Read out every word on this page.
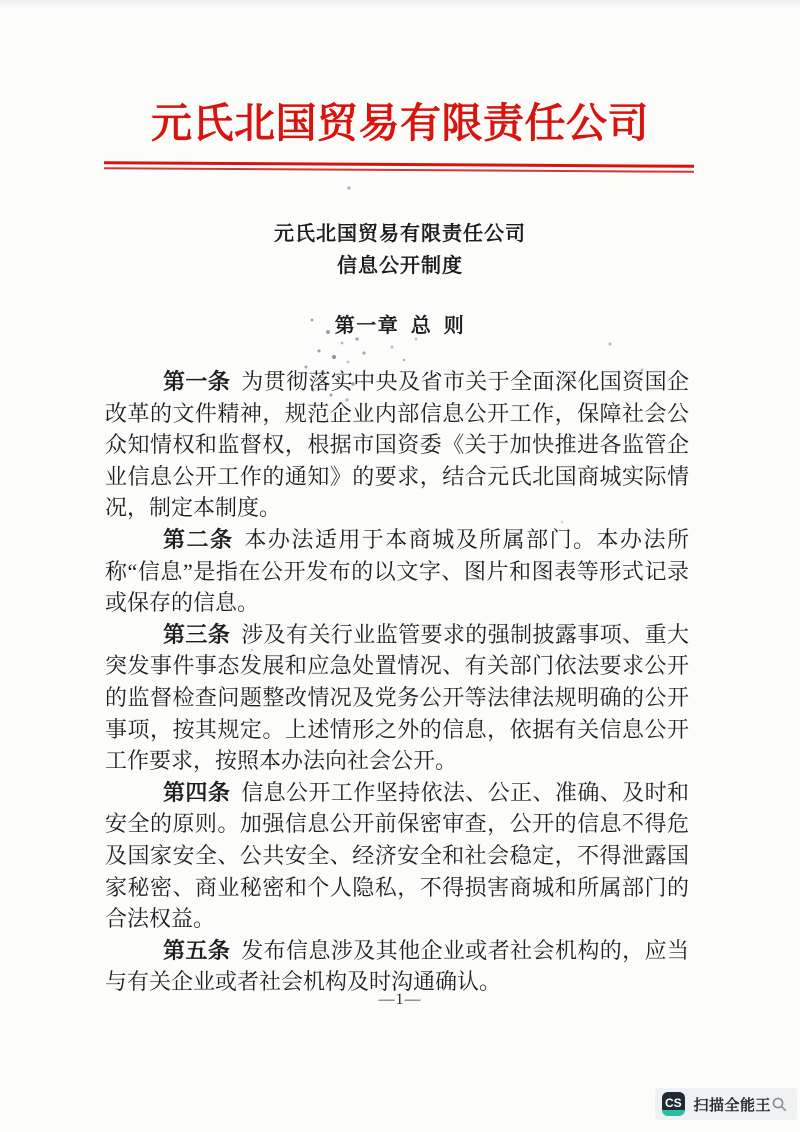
元氏北国贸易有限责任公司
元氏北国贸易有限责任公司
信息公开制度
第一章 总 则

第一条 为贯彻落实中央及省市关于全面深化国资国企改革的文件精神，规范企业内部信息公开工作，保障社会公众知情权和监督权，根据市国资委《关于加快推进各监管企业信息公开工作的通知》的要求，结合元氏北国商城实际情况，制定本制度。

第二条 本办法适用于本商城及所属部门。本办法所称“信息”是指在公开发布的以文字、图片和图表等形式记录或保存的信息。

第三条 涉及有关行业监管要求的强制披露事项、重大突发事件事态发展和应急处置情况、有关部门依法要求公开的监督检查问题整改情况及党务公开等法律法规明确的公开事项，按其规定。上述情形之外的信息，依据有关信息公开工作要求，按照本办法向社会公开。

第四条 信息公开工作坚持依法、公正、准确、及时和安全的原则。加强信息公开前保密审查，公开的信息不得危及国家安全、公共安全、经济安全和社会稳定，不得泄露国家秘密、商业秘密和个人隐私，不得损害商城和所属部门的合法权益。

第五条 发布信息涉及其他企业或者社会机构的，应当与有关企业或者社会机构及时沟通确认。

—1—
CS 扫描全能王
